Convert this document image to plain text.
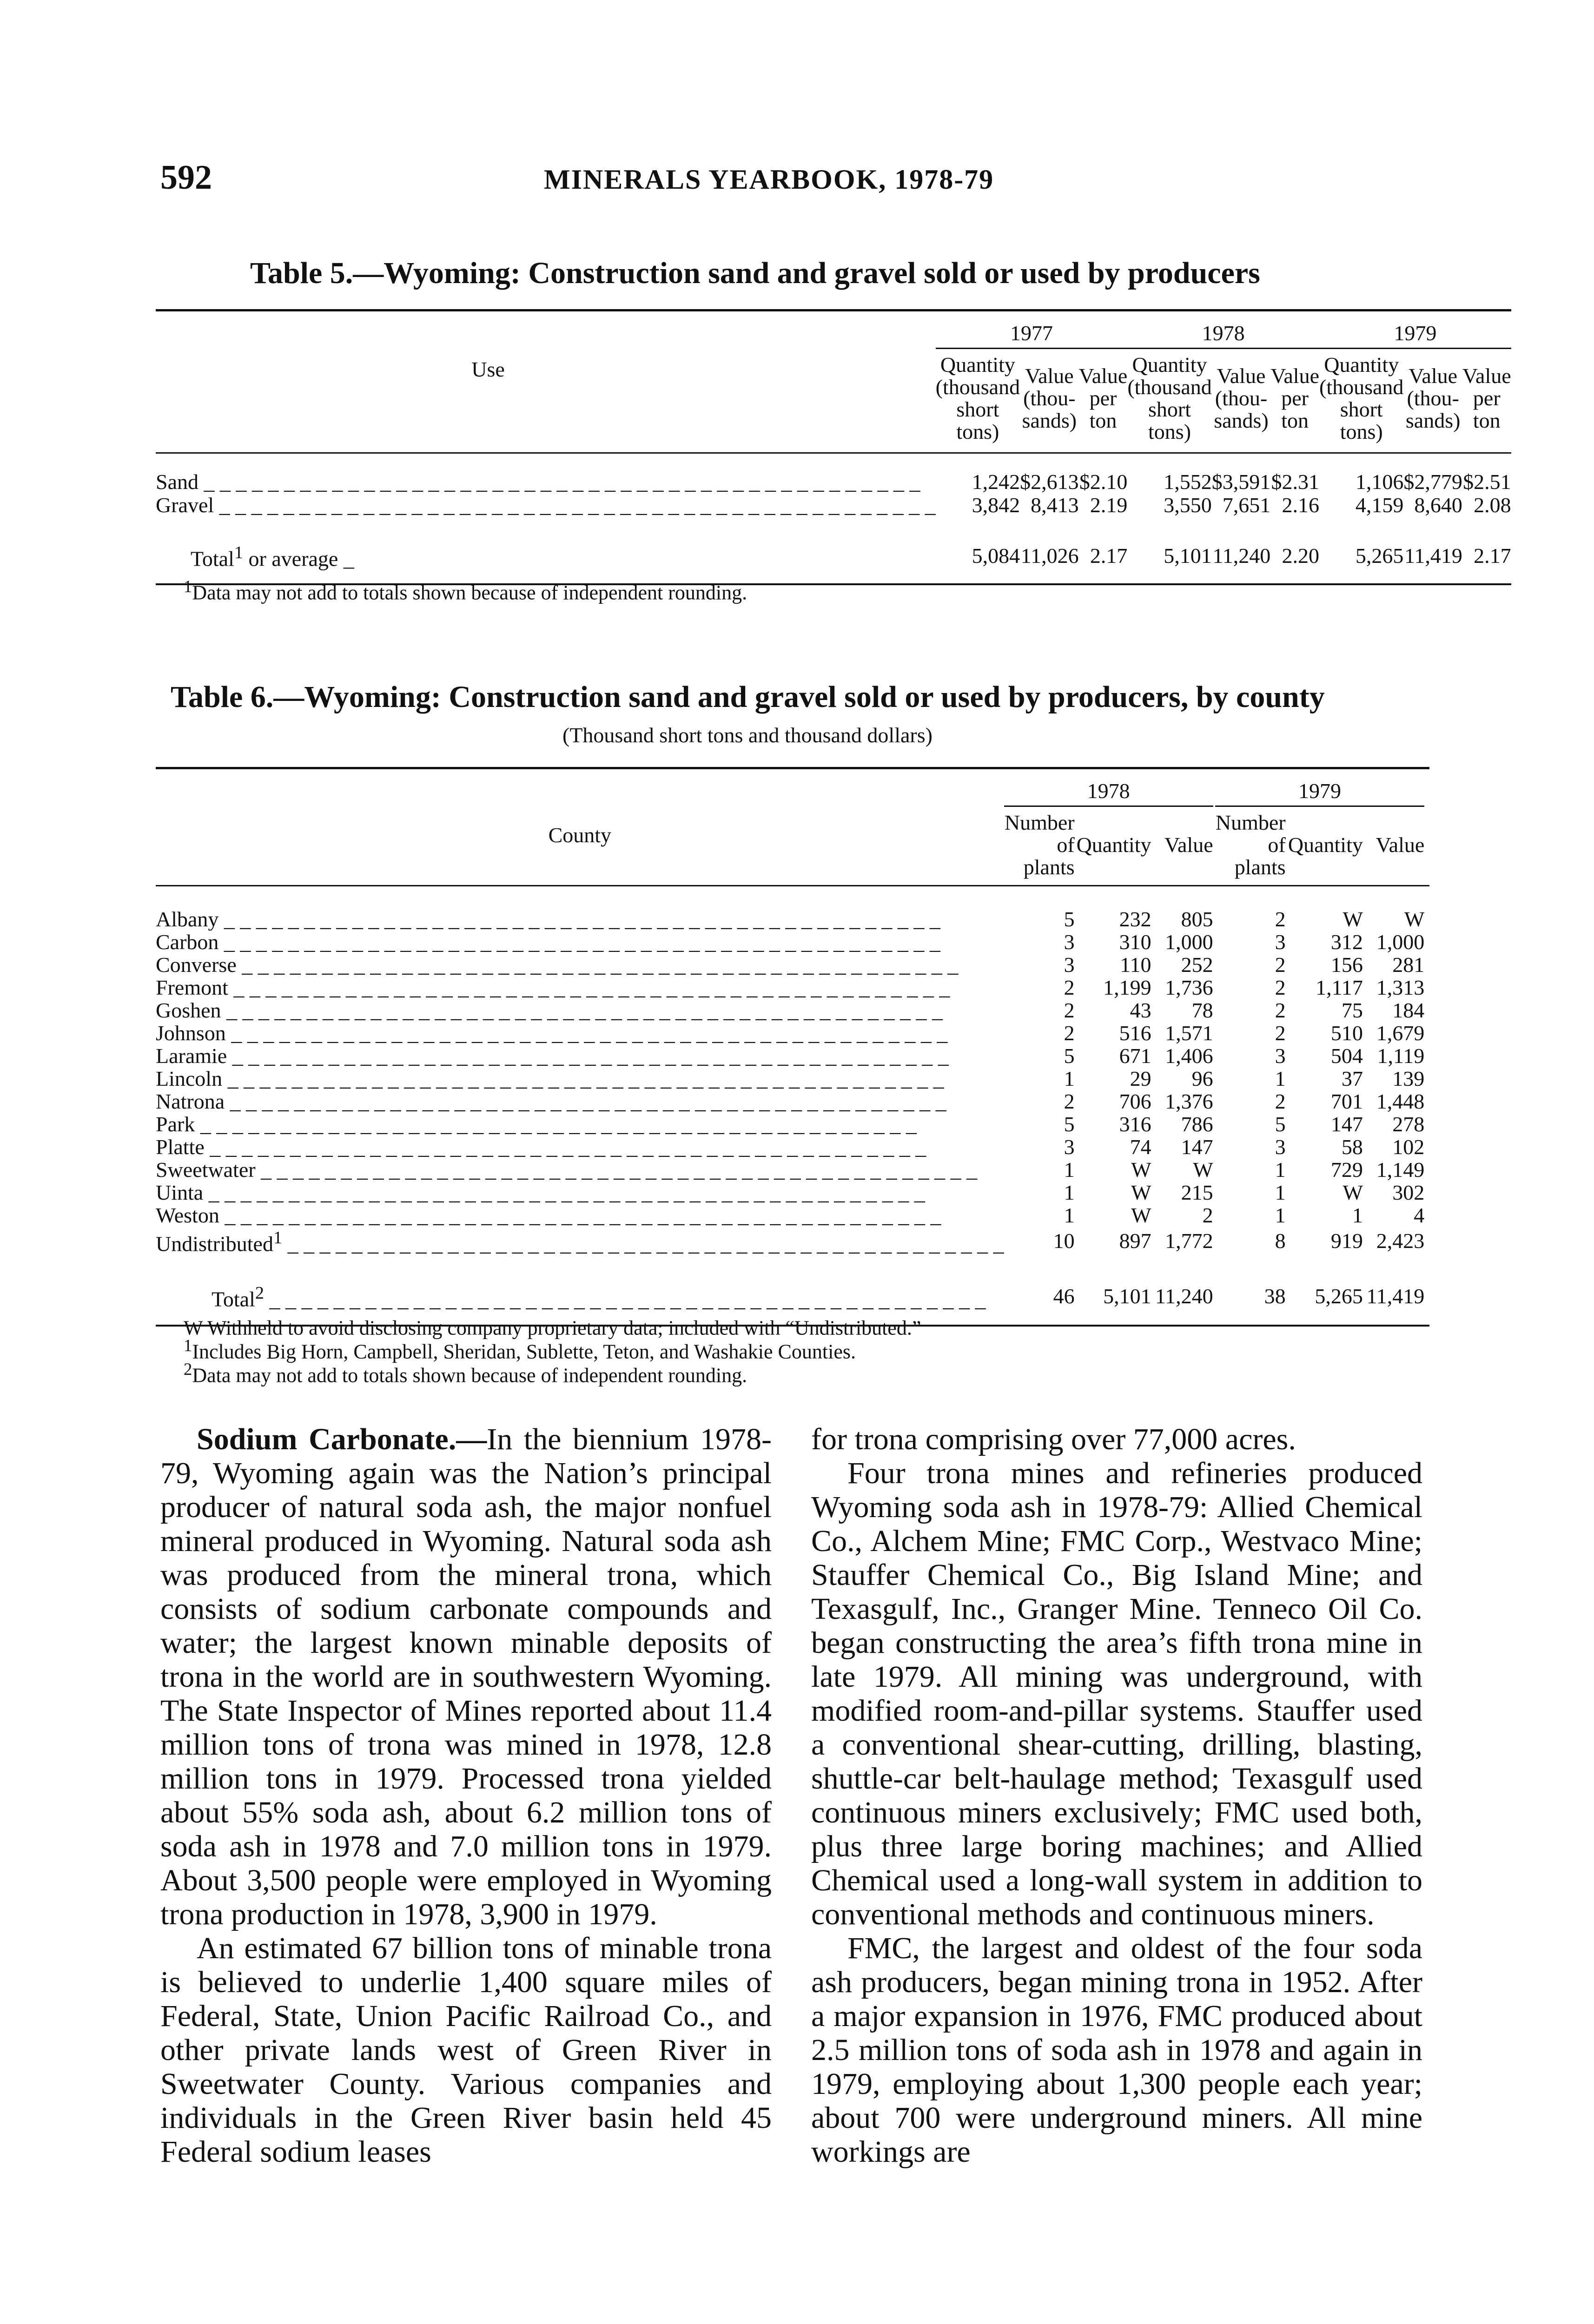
592	MINERALS YEARBOOK, 1978-79
Table 5.—Wyoming: Construction sand and gravel sold or used by producers
Use		1977			1978			1979		
		Quantity (thousand short tons)	Value (thou- sands)	Value per ton		Quantity (thousand short tons)	Value (thou- sands)	Value per ton		Quantity (thousand short tons)	Value (thou- sands)	Value per ton
Sand _ _ _		1,242	$2,613	$2.10		1,552	$3,591	$2.31		1,106	$2,779	$2.51
Gravel _ _ _		3,842	8,413	2.19		3,550	7,651	2.16		4,159	8,640	2.08
Total$^1$ or average _		5,084	11,026	2.17		5,101	11,240	2.20		5,265	11,419	2.17
$^1$Data may not add to totals shown because of independent rounding.
Table 6.—Wyoming: Construction sand and gravel sold or used by producers, by county
(Thousand short tons and thousand dollars)
County	1978				1979			
	Number of plants	Quantity	Value		Number of plants	Quantity	Value	
Albany _ _ _	5	232	805		2	W	W	
Carbon _ _ _	3	310	1,000		3	312	1,000	
Converse _ _ _	3	110	252		2	156	281	
Fremont _ _ _	2	1,199	1,736		2	1,117	1,313	
Goshen _ _ _	2	43	78		2	75	184	
Johnson _ _ _	2	516	1,571		2	510	1,679	
Laramie _ _ _	5	671	1,406		3	504	1,119	
Lincoln _ _ _	1	29	96		1	37	139	
Natrona _ _ _	2	706	1,376		2	701	1,448	
Park _ _ _	5	316	786		5	147	278	
Platte _ _ _	3	74	147		3	58	102	
Sweetwater _ _ _	1	W	W		1	729	1,149	
Uinta _ _ _	1	W	215		1	W	302	
Weston _ _ _	1	W	2		1	1	4	
Undistributed$^1$ _ _ _	10	897	1,772		8	919	2,423	
Total$^2$ _ _ _	46	5,101	11,240		38	5,265	11,419	
W Withheld to avoid disclosing company proprietary data; included with “Undistributed.”
$^1$Includes Big Horn, Campbell, Sheridan, Sublette, Teton, and Washakie Counties.
$^2$Data may not add to totals shown because of independent rounding.

Sodium Carbonate.—In the biennium 1978-79, Wyoming again was the Nation’s principal producer of natural soda ash, the major nonfuel mineral produced in Wyoming. Natural soda ash was produced from the mineral trona, which consists of sodium carbonate compounds and water; the largest known minable deposits of trona in the world are in southwestern Wyoming. The State Inspector of Mines reported about 11.4 million tons of trona was mined in 1978, 12.8 million tons in 1979. Processed trona yielded about 55% soda ash, about 6.2 million tons of soda ash in 1978 and 7.0 million tons in 1979. About 3,500 people were employed in Wyoming trona production in 1978, 3,900 in 1979.

An estimated 67 billion tons of minable trona is believed to underlie 1,400 square miles of Federal, State, Union Pacific Railroad Co., and other private lands west of Green River in Sweetwater County. Various companies and individuals in the Green River basin held 45 Federal sodium leases

for trona comprising over 77,000 acres.

Four trona mines and refineries produced Wyoming soda ash in 1978-79: Allied Chemical Co., Alchem Mine; FMC Corp., Westvaco Mine; Stauffer Chemical Co., Big Island Mine; and Texasgulf, Inc., Granger Mine. Tenneco Oil Co. began constructing the area’s fifth trona mine in late 1979. All mining was underground, with modified room-and-pillar systems. Stauffer used a conventional shear-cutting, drilling, blasting, shuttle-car belt-haulage method; Texasgulf used continuous miners exclusively; FMC used both, plus three large boring machines; and Allied Chemical used a long-wall system in addition to conventional methods and continuous miners.

FMC, the largest and oldest of the four soda ash producers, began mining trona in 1952. After a major expansion in 1976, FMC produced about 2.5 million tons of soda ash in 1978 and again in 1979, employing about 1,300 people each year; about 700 were underground miners. All mine workings are
